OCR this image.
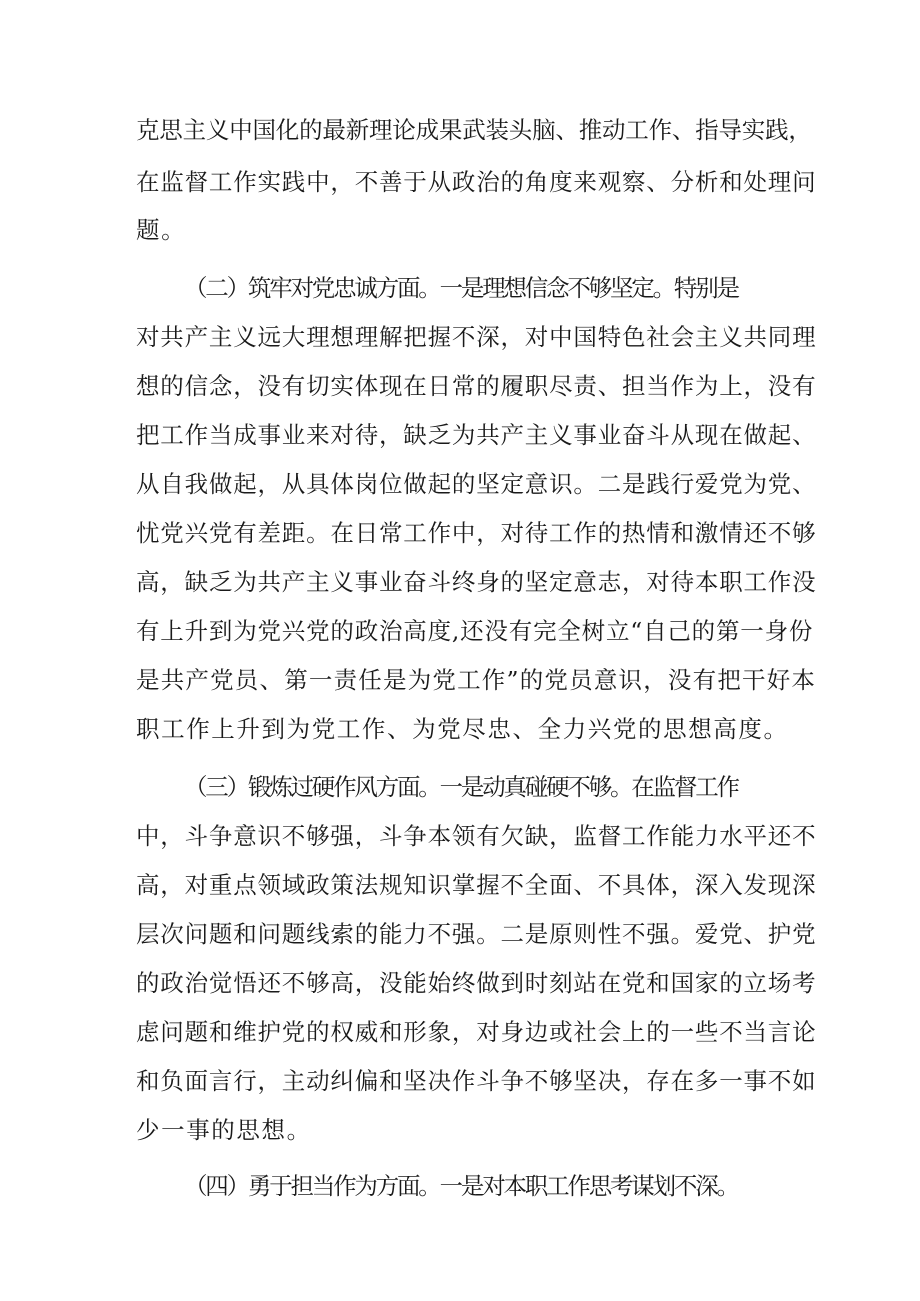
克思主义中国化的最新理论成果武装头脑、推动工作、指导实践，
在监督工作实践中，不善于从政治的角度来观察、分析和处理问
题。
（二）筑牢对党忠诚方面。一是理想信念不够坚定。特别是
对共产主义远大理想理解把握不深，对中国特色社会主义共同理
想的信念，没有切实体现在日常的履职尽责、担当作为上，没有
把工作当成事业来对待，缺乏为共产主义事业奋斗从现在做起、
从自我做起，从具体岗位做起的坚定意识。二是践行爱党为党、
忧党兴党有差距。在日常工作中，对待工作的热情和激情还不够
高，缺乏为共产主义事业奋斗终身的坚定意志，对待本职工作没
有上升到为党兴党的政治高度,还没有完全树立“自己的第一身份
是共产党员、第一责任是为党工作”的党员意识，没有把干好本
职工作上升到为党工作、为党尽忠、全力兴党的思想高度。
（三）锻炼过硬作风方面。一是动真碰硬不够。在监督工作
中，斗争意识不够强，斗争本领有欠缺，监督工作能力水平还不
高，对重点领域政策法规知识掌握不全面、不具体，深入发现深
层次问题和问题线索的能力不强。二是原则性不强。爱党、护党
的政治觉悟还不够高，没能始终做到时刻站在党和国家的立场考
虑问题和维护党的权威和形象，对身边或社会上的一些不当言论
和负面言行，主动纠偏和坚决作斗争不够坚决，存在多一事不如
少一事的思想。
（四）勇于担当作为方面。一是对本职工作思考谋划不深。
